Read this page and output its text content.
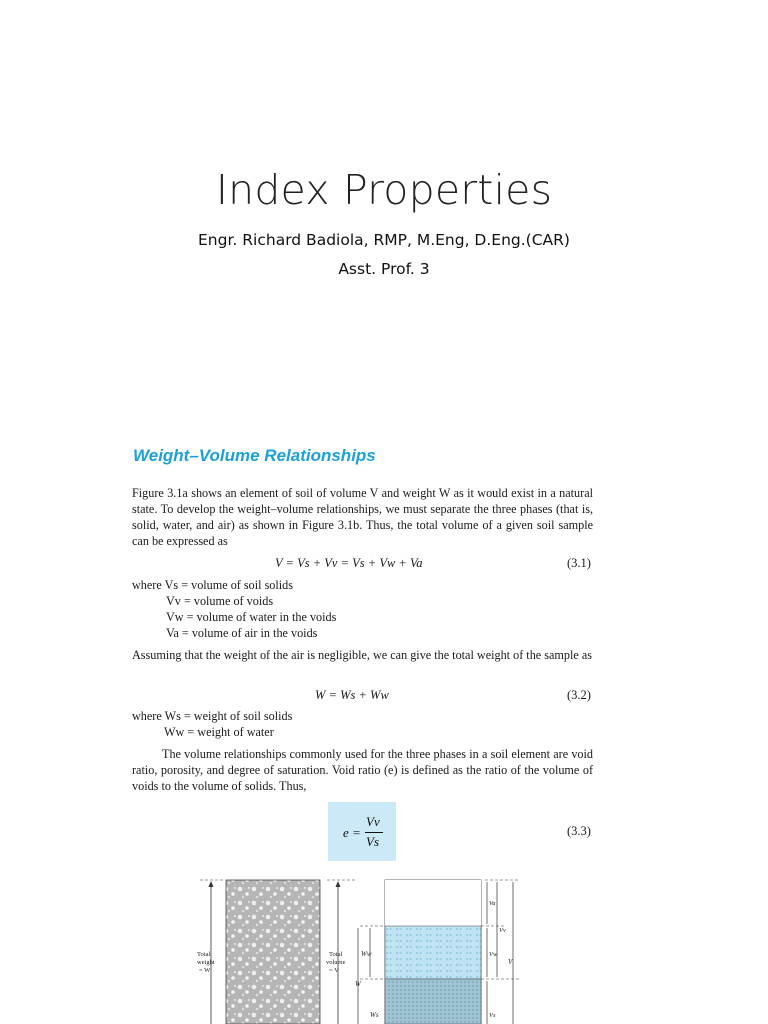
Index Properties
Engr. Richard Badiola, RMP, M.Eng, D.Eng.(CAR)
Asst. Prof. 3
Weight–Volume Relationships
Figure 3.1a shows an element of soil of volume V and weight W as it would exist in a natural state. To develop the weight–volume relationships, we must separate the three phases (that is, solid, water, and air) as shown in Figure 3.1b. Thus, the total volume of a given soil sample can be expressed as
V = Vs + Vv = Vs + Vw + Va	(3.1)
where Vs = volume of soil solids
Vv = volume of voids
Vw = volume of water in the voids
Va = volume of air in the voids
Assuming that the weight of the air is negligible, we can give the total weight of the sample as
W = Ws + Ww	(3.2)
where Ws = weight of soil solids
Ww = weight of water
The volume relationships commonly used for the three phases in a soil element are void ratio, porosity, and degree of saturation. Void ratio (e) is defined as the ratio of the volume of voids to the volume of solids. Thus,
e =
Vv
Vs
(3.3)
Total
weight
= W
Total
volume
= V
Ww
W
Ws
Va
Vw
Vs
Vv
V
